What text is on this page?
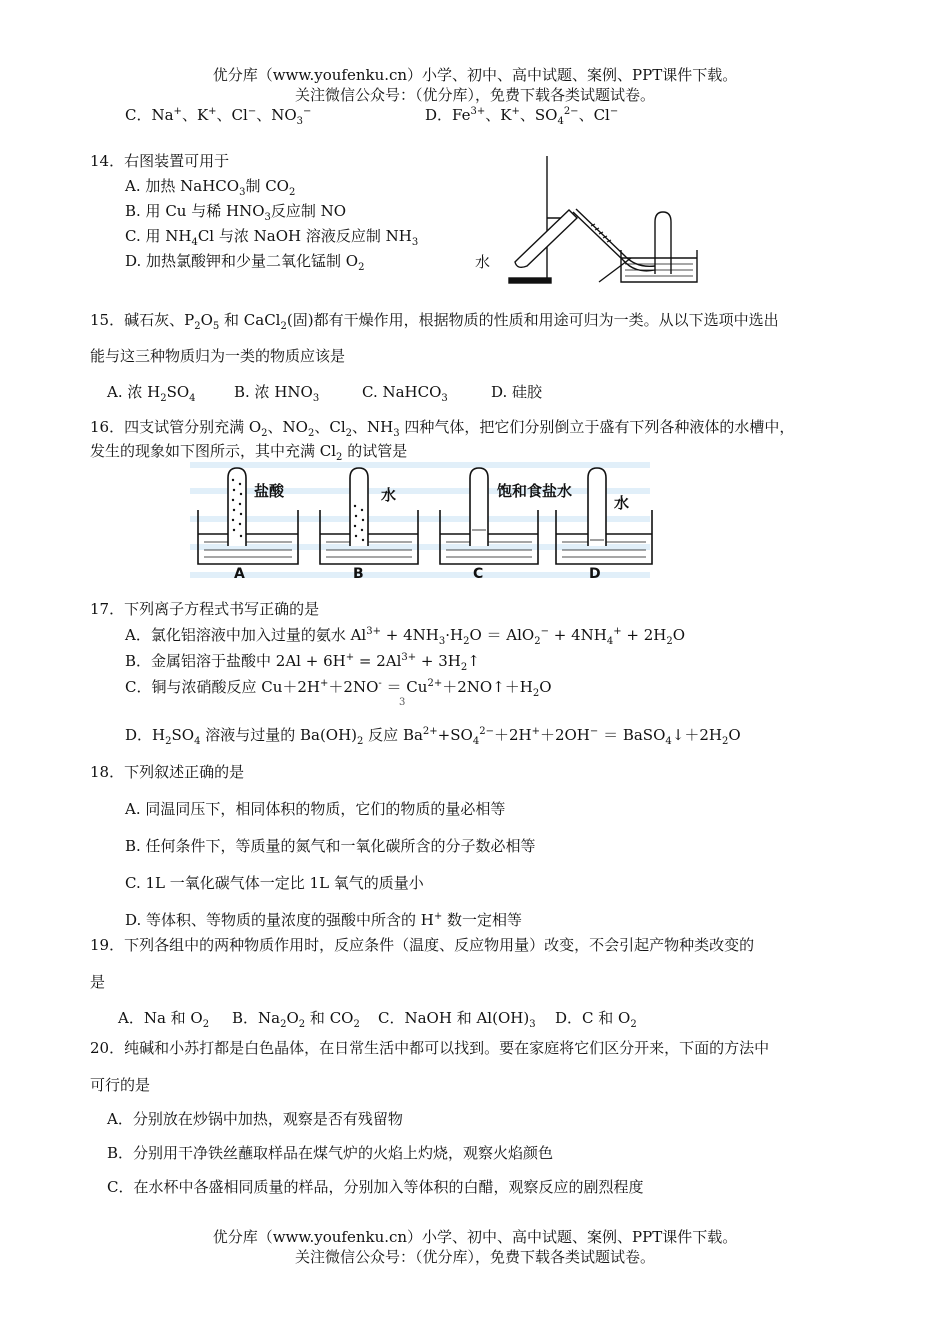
优分库（www.youfenku.cn）小学、初中、高中试题、案例、PPT课件下载。
关注微信公众号：（优分库），免费下载各类试题试卷。
C．Na+、K+、Cl−、$NO_3^-$	D．$Fe^{3+}$、K+、$SO_4^{2-}$、Cl−
14．右图装置可用于
A. 加热 NaHCO$_3$制 $CO_2$
B. 用 Cu 与稀 $HNO_3$反应制 NO
C. 用 $NH_4Cl$ 与浓 NaOH 溶液反应制 $NH_3$
D. 加热氯酸钾和少量二氧化锰制 $O_2$	水
15．碱石灰、$P_2O_5$ 和 CaCl$_2$(固)都有干燥作用，根据物质的性质和用途可归为一类。从以下选项中选出
能与这三种物质归为一类的物质应该是
A. 浓 $H_2SO_4$	B. 浓 $HNO_3$	C. NaHCO$_3$	D. 硅胶
16．四支试管分别充满 $O_2$、$NO_2$、$Cl_2$、$NH_3$ 四种气体，把它们分别倒立于盛有下列各种液体的水槽中，
发生的现象如下图所示，其中充满 $Cl_2$ 的试管是
盐酸	水	饱和食盐水
水
A	B	C	D
17．下列离子方程式书写正确的是
A．氯化铝溶液中加入过量的氨水 $Al^{3+} + 4NH_3\cdot H_2O = AlO_2^- + 4NH_4^+ + 2H_2O$
B．金属铝溶于盐酸中 $2Al + 6H^+ = 2Al^{3+}$ + $3H_2↑$
C．铜与浓硝酸反应 $Cu+2H^++2NO^- = Cu^{2+}+2NO↑+H_2O$
3
D．$H_2SO_4$ 溶液与过量的 $Ba(OH)_2$ 反应 $Ba^{2+}+SO_4^{2-}+2H^++2OH^-$ ＝ $BaSO_4↓+2H_2O$
18．下列叙述正确的是
A. 同温同压下，相同体积的物质，它们的物质的量必相等
B. 任何条件下，等质量的氮气和一氧化碳所含的分子数必相等
C. 1L 一氧化碳气体一定比 1L 氧气的质量小
D. 等体积、等物质的量浓度的强酸中所含的 H+ 数一定相等
19．下列各组中的两种物质作用时，反应条件（温度、反应物用量）改变，不会引起产物种类改变的
是
A．Na 和 $O_2$ B．$Na_2O_2$ 和 $CO_2$ C．NaOH 和 $Al(OH)_3$ D．C 和 $O_2$
20．纯碱和小苏打都是白色晶体，在日常生活中都可以找到。要在家庭将它们区分开来，下面的方法中
可行的是
A．分别放在炒锅中加热，观察是否有残留物
B．分别用干净铁丝蘸取样品在煤气炉的火焰上灼烧，观察火焰颜色
C．在水杯中各盛相同质量的样品，分别加入等体积的白醋，观察反应的剧烈程度
优分库（www.youfenku.cn）小学、初中、高中试题、案例、PPT课件下载。
关注微信公众号：（优分库），免费下载各类试题试卷。
